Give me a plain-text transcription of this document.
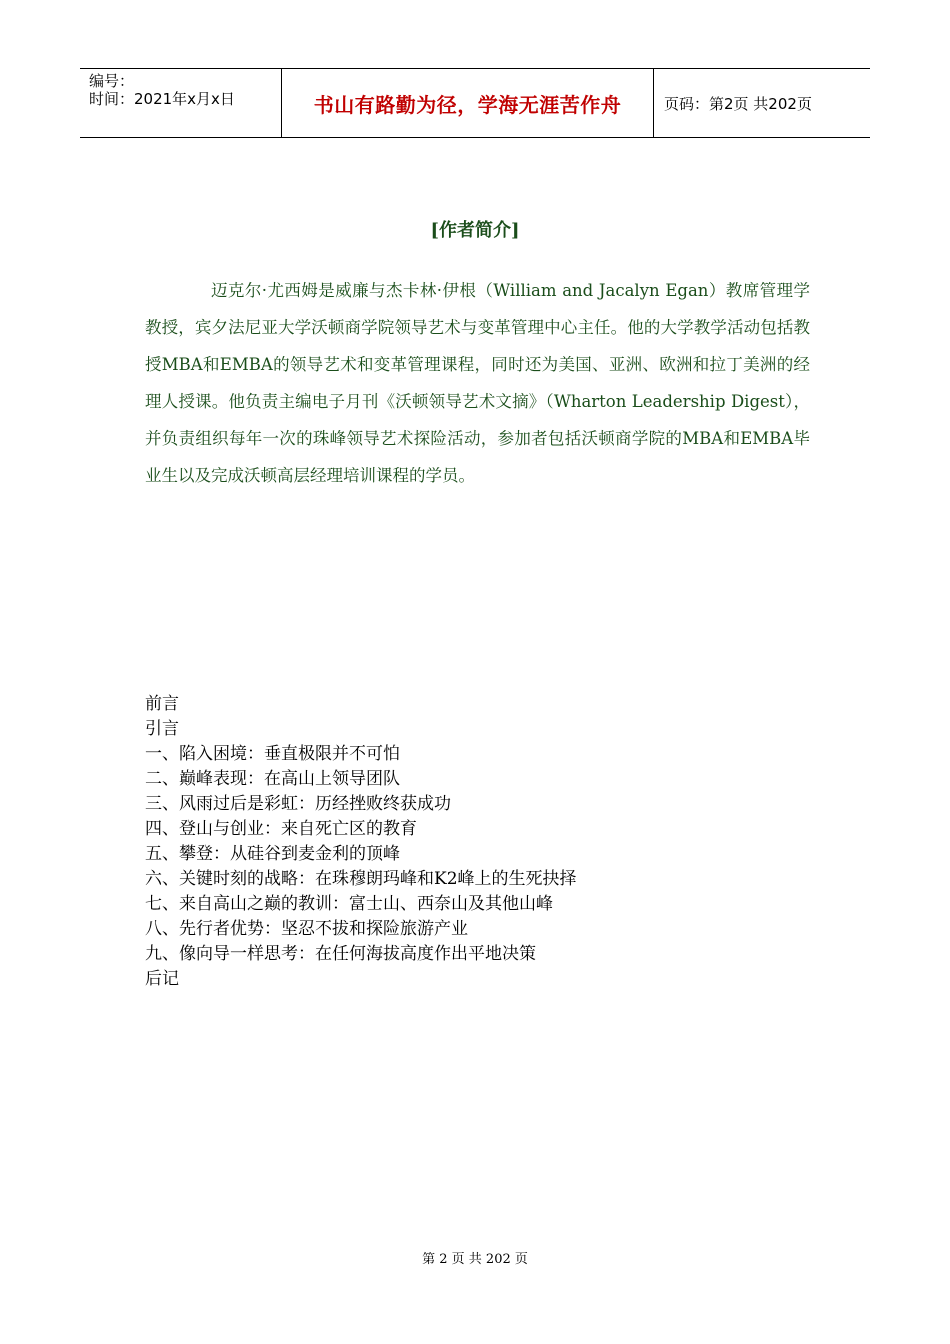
编号：
时间：2021年x月x日	书山有路勤为径，学海无涯苦作舟	页码：第2页 共202页
[作者简介]

迈克尔·尤西姆是威廉与杰卡林·伊根（William and Jacalyn Egan）教席管理学教授，宾夕法尼亚大学沃顿商学院领导艺术与变革管理中心主任。他的大学教学活动包括教授MBA和EMBA的领导艺术和变革管理课程，同时还为美国、亚洲、欧洲和拉丁美洲的经理人授课。他负责主编电子月刊《沃顿领导艺术文摘》（Wharton Leadership Digest），并负责组织每年一次的珠峰领导艺术探险活动，参加者包括沃顿商学院的MBA和EMBA毕业生以及完成沃顿高层经理培训课程的学员。

前言
引言
一、陷入困境：垂直极限并不可怕
二、巅峰表现：在高山上领导团队
三、风雨过后是彩虹：历经挫败终获成功
四、登山与创业：来自死亡区的教育
五、攀登：从硅谷到麦金利的顶峰
六、关键时刻的战略：在珠穆朗玛峰和K2峰上的生死抉择
七、来自高山之巅的教训：富士山、西奈山及其他山峰
八、先行者优势：坚忍不拔和探险旅游产业
九、像向导一样思考：在任何海拔高度作出平地决策
后记
第 2 页 共 202 页
